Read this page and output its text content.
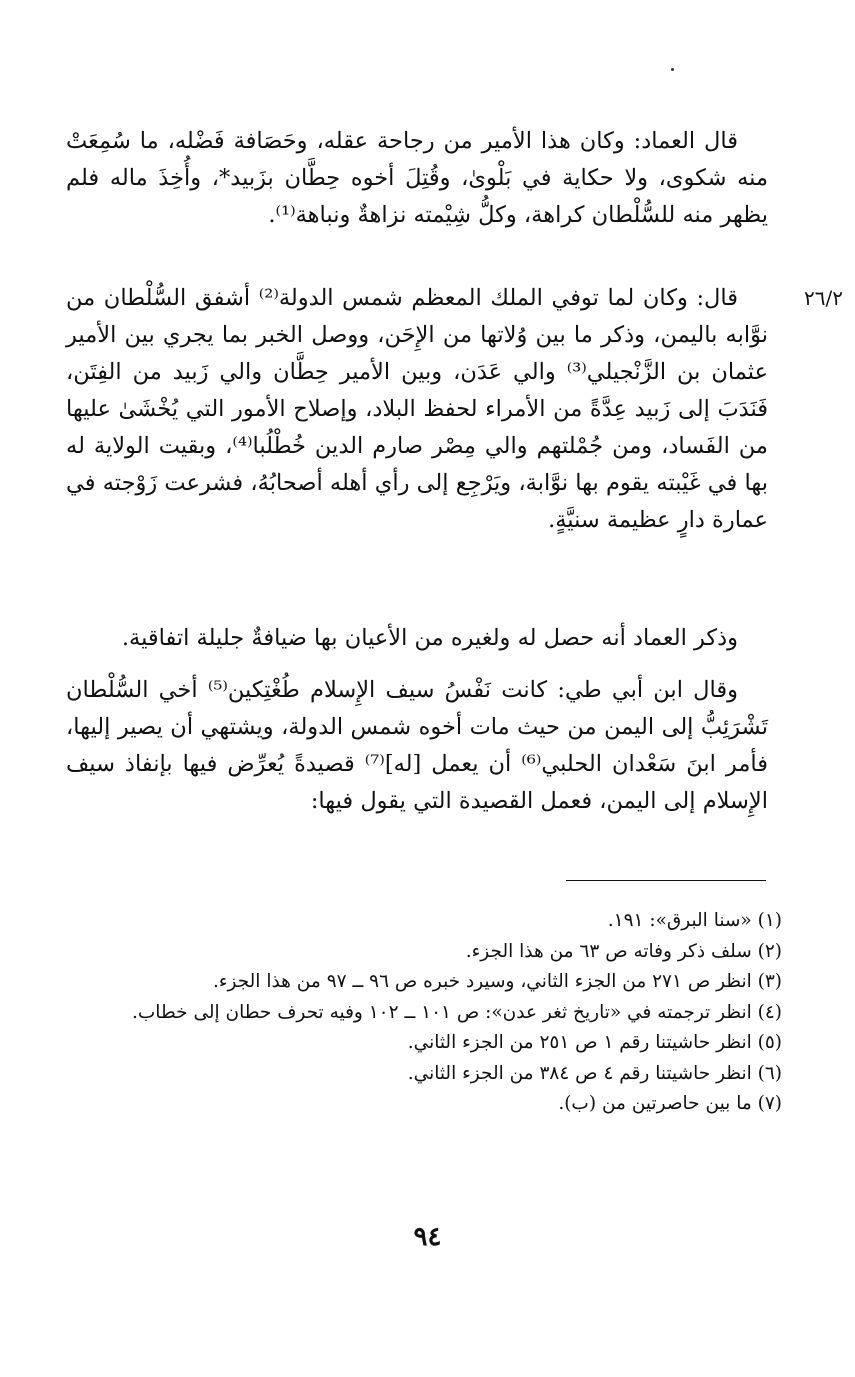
٢٦/٢

قال العماد: وكان هذا الأمير من رجاحة عقله، وحَصَافة فَضْله، ما سُمِعَتْ منه شكوى، ولا حكاية في بَلْوىٰ، وقُتِلَ أخوه حِطَّان بزَبيد*، وأُخِذَ ماله فلم يظهر منه للسُّلْطان كراهة، وكلُّ شِيْمته نزاهةٌ ونباهة⁽¹⁾.

قال: وكان لما توفي الملك المعظم شمس الدولة⁽²⁾ أشفق السُّلْطان من نوَّابه باليمن، وذكر ما بين وُلاتها من الإِحَن، ووصل الخبر بما يجري بين الأمير عثمان بن الزَّنْجيلي⁽³⁾ والي عَدَن، وبين الأمير حِطَّان والي زَبيد من الفِتَن، فَنَدَبَ إلى زَبيد عِدَّةً من الأمراء لحفظ البلاد، وإصلاح الأمور التي يُخْشَىٰ عليها من الفَساد، ومن جُمْلتهم والي مِصْر صارم الدين خُطْلُبا⁽⁴⁾، وبقيت الولاية له بها في غَيْبته يقوم بها نوَّابة، ويَرْجِع إلى رأي أهله أصحابُهُ، فشرعت زَوْجته في عمارة دارٍ عظيمة سنيَّةٍ.

وذكر العماد أنه حصل له ولغيره من الأعيان بها ضيافةٌ جليلة اتفاقية.

وقال ابن أبي طي: كانت نَفْسُ سيف الإِسلام طُغْتِكين⁽⁵⁾ أخي السُّلْطان تَشْرَئِبُّ إلى اليمن من حيث مات أخوه شمس الدولة، ويشتهي أن يصير إليها، فأمر ابنَ سَعْدان الحلبي⁽⁶⁾ أن يعمل [له]⁽⁷⁾ قصيدةً يُعرِّض فيها بإنفاذ سيف الإِسلام إلى اليمن، فعمل القصيدة التي يقول فيها:

(١) «سنا البرق»: ١٩١.

(٢) سلف ذكر وفاته ص ٦٣ من هذا الجزء.

(٣) انظر ص ٢٧١ من الجزء الثاني، وسيرد خبره ص ٩٦ ــ ٩٧ من هذا الجزء.

(٤) انظر ترجمته في «تاريخ ثغر عدن»: ص ١٠١ ــ ١٠٢ وفيه تحرف حطان إلى خطاب.

(٥) انظر حاشيتنا رقم ١ ص ٢٥١ من الجزء الثاني.

(٦) انظر حاشيتنا رقم ٤ ص ٣٨٤ من الجزء الثاني.

(٧) ما بين حاصرتين من (ب).

٩٤
